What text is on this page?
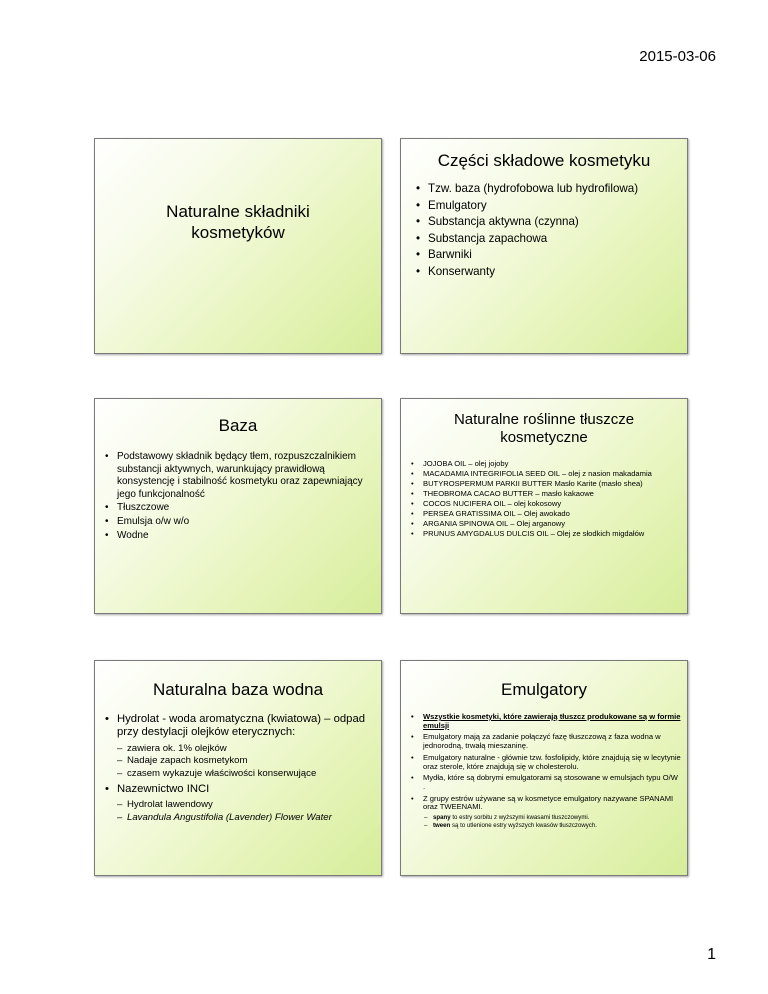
2015-03-06
Naturalne składniki
kosmetyków
Części składowe kosmetyku
• Tzw. baza (hydrofobowa lub hydrofilowa)
• Emulgatory
• Substancja aktywna (czynna)
• Substancja zapachowa
• Barwniki
• Konserwanty
Baza
• Podstawowy składnik będący tłem, rozpuszczalnikiem substancji aktywnych, warunkujący prawidłową konsystencję i stabilność kosmetyku oraz zapewniający jego funkcjonalność
• Tłuszczowe
• Emulsja o/w w/o
• Wodne
Naturalne roślinne tłuszcze kosmetyczne
• JOJOBA OIL – olej jojoby
• MACADAMIA INTEGRIFOLIA SEED OIL – olej z nasion makadamia
• BUTYROSPERMUM PARKII BUTTER Masło Karite (masło shea)
• THEOBROMA CACAO BUTTER – masło kakaowe
• COCOS NUCIFERA OIL – olej kokosowy
• PERSEA GRATISSIMA OIL – Olej awokado
• ARGANIA SPINOWA OIL – Olej arganowy
• PRUNUS AMYGDALUS DULCIS OIL – Olej ze słodkich migdałów
Naturalna baza wodna
• Hydrolat - woda aromatyczna (kwiatowa) – odpad przy destylacji olejków eterycznych:
– zawiera ok. 1% olejków
– Nadaje zapach kosmetykom
– czasem wykazuje właściwości konserwujące
• Nazewnictwo INCI
– Hydrolat lawendowy
– Lavandula Angustifolia (Lavender) Flower Water
Emulgatory
• Wszystkie kosmetyki, które zawierają tłuszcz produkowane są w formie emulsji
• Emulgatory mają za zadanie połączyć fazę tłuszczową z faza wodna w jednorodną, trwałą mieszaninę.
• Emulgatory naturalne - głównie tzw. fosfolipidy, które znajdują się w lecytynie oraz sterole, które znajdują się w cholesterolu.
• Mydła, które są dobrymi emulgatorami są stosowane w emulsjach typu O/W .
• Z grupy estrów używane są w kosmetyce emulgatory nazywane SPANAMI oraz TWEENAMI.
– spany to estry sorbitu z wyższymi kwasami tłuszczowymi.
– tween są to utlenione estry wyższych kwasów tłuszczowych.
1
